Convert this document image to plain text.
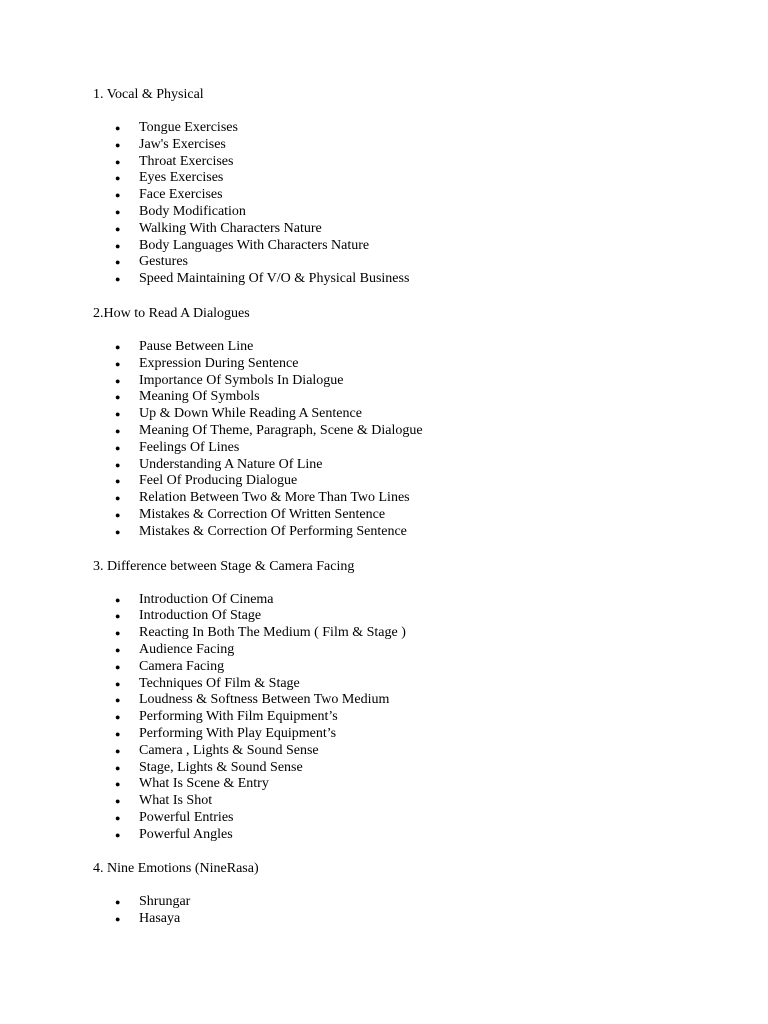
1. Vocal & Physical
● Tongue Exercises
● Jaw's Exercises
● Throat Exercises
● Eyes Exercises
● Face Exercises
● Body Modification
● Walking With Characters Nature
● Body Languages With Characters Nature
● Gestures
● Speed Maintaining Of V/O & Physical Business
2.How to Read A Dialogues
● Pause Between Line
● Expression During Sentence
● Importance Of Symbols In Dialogue
● Meaning Of Symbols
● Up & Down While Reading A Sentence
● Meaning Of Theme, Paragraph, Scene & Dialogue
● Feelings Of Lines
● Understanding A Nature Of Line
● Feel Of Producing Dialogue
● Relation Between Two & More Than Two Lines
● Mistakes & Correction Of Written Sentence
● Mistakes & Correction Of Performing Sentence
3. Difference between Stage & Camera Facing
● Introduction Of Cinema
● Introduction Of Stage
● Reacting In Both The Medium ( Film & Stage )
● Audience Facing
● Camera Facing
● Techniques Of Film & Stage
● Loudness & Softness Between Two Medium
● Performing With Film Equipment’s
● Performing With Play Equipment’s
● Camera , Lights & Sound Sense
● Stage, Lights & Sound Sense
● What Is Scene & Entry
● What Is Shot
● Powerful Entries
● Powerful Angles
4. Nine Emotions (NineRasa)
● Shrungar
● Hasaya
